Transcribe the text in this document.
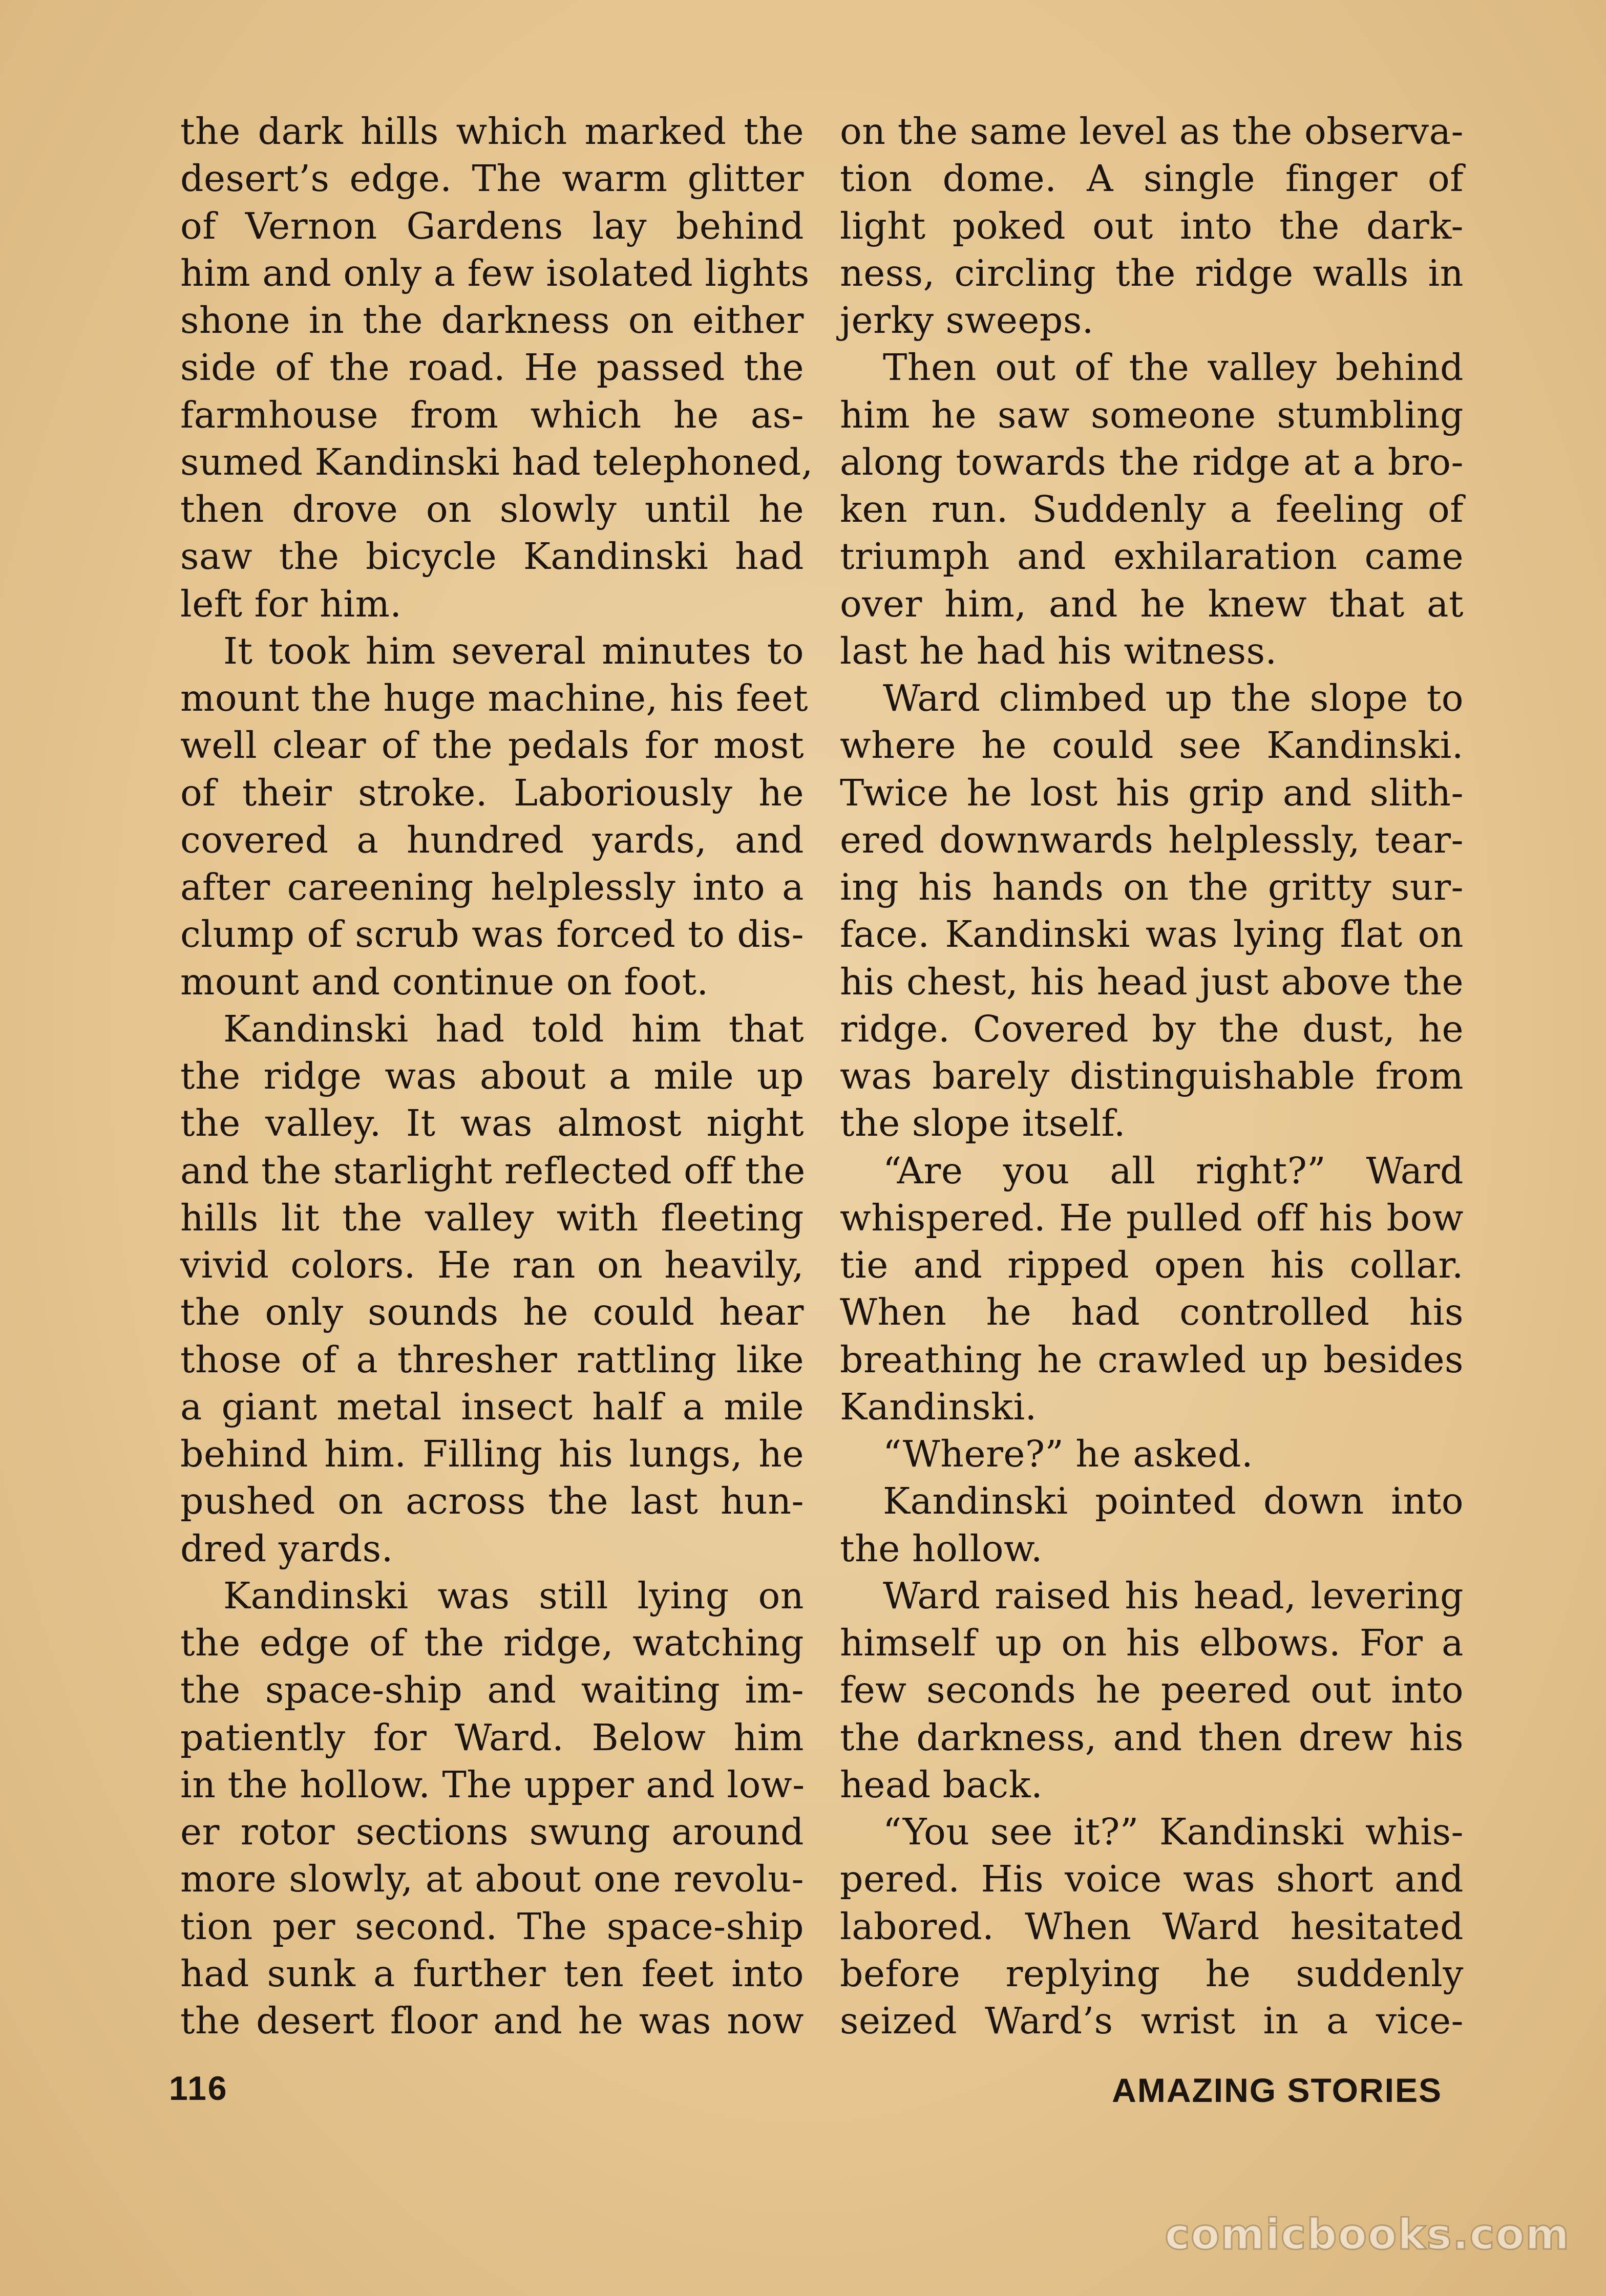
the dark hills which marked the
desert’s edge. The warm glitter
of Vernon Gardens lay behind
him and only a few isolated lights
shone in the darkness on either
side of the road. He passed the
farmhouse from which he as-
sumed Kandinski had telephoned,
then drove on slowly until he
saw the bicycle Kandinski had
left for him.
It took him several minutes to
mount the huge machine, his feet
well clear of the pedals for most
of their stroke. Laboriously he
covered a hundred yards, and
after careening helplessly into a
clump of scrub was forced to dis-
mount and continue on foot.
Kandinski had told him that
the ridge was about a mile up
the valley. It was almost night
and the starlight reflected off the
hills lit the valley with fleeting
vivid colors. He ran on heavily,
the only sounds he could hear
those of a thresher rattling like
a giant metal insect half a mile
behind him. Filling his lungs, he
pushed on across the last hun-
dred yards.
Kandinski was still lying on
the edge of the ridge, watching
the space-ship and waiting im-
patiently for Ward. Below him
in the hollow. The upper and low-
er rotor sections swung around
more slowly, at about one revolu-
tion per second. The space-ship
had sunk a further ten feet into
the desert floor and he was now
on the same level as the observa-
tion dome. A single finger of
light poked out into the dark-
ness, circling the ridge walls in
jerky sweeps.
Then out of the valley behind
him he saw someone stumbling
along towards the ridge at a bro-
ken run. Suddenly a feeling of
triumph and exhilaration came
over him, and he knew that at
last he had his witness.
Ward climbed up the slope to
where he could see Kandinski.
Twice he lost his grip and slith-
ered downwards helplessly, tear-
ing his hands on the gritty sur-
face. Kandinski was lying flat on
his chest, his head just above the
ridge. Covered by the dust, he
was barely distinguishable from
the slope itself.
“Are you all right?” Ward
whispered. He pulled off his bow
tie and ripped open his collar.
When he had controlled his
breathing he crawled up besides
Kandinski.
“Where?” he asked.
Kandinski pointed down into
the hollow.
Ward raised his head, levering
himself up on his elbows. For a
few seconds he peered out into
the darkness, and then drew his
head back.
“You see it?” Kandinski whis-
pered. His voice was short and
labored. When Ward hesitated
before replying he suddenly
seized Ward’s wrist in a vice-
116	AMAZING STORIES
comicbooks.com
